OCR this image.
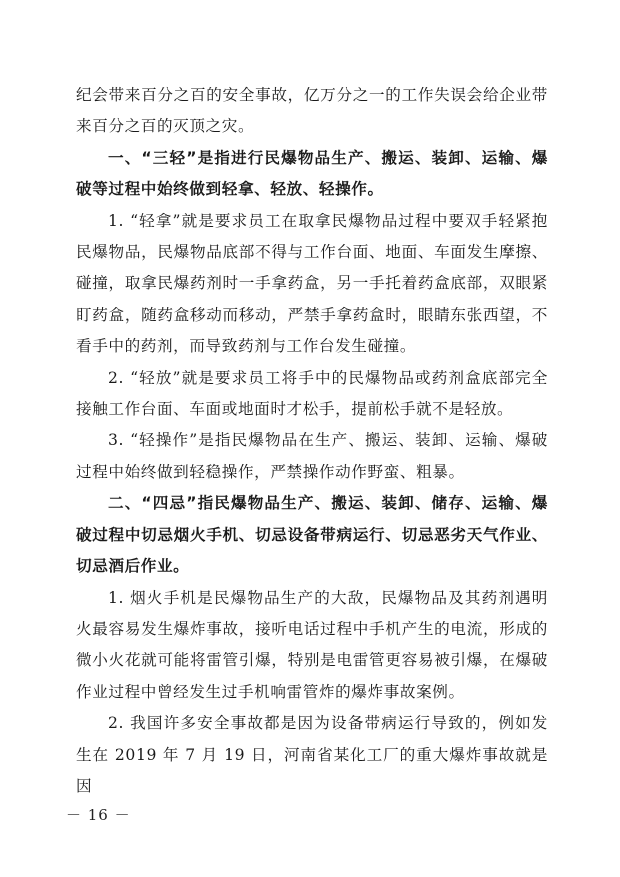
纪会带来百分之百的安全事故，亿万分之一的工作失误会给企业带来百分之百的灭顶之灾。

一、“三轻”是指进行民爆物品生产、搬运、装卸、运输、爆破等过程中始终做到轻拿、轻放、轻操作。

1. “轻拿”就是要求员工在取拿民爆物品过程中要双手轻紧抱民爆物品，民爆物品底部不得与工作台面、地面、车面发生摩擦、碰撞，取拿民爆药剂时一手拿药盒，另一手托着药盒底部，双眼紧盯药盒，随药盒移动而移动，严禁手拿药盒时，眼睛东张西望，不看手中的药剂，而导致药剂与工作台发生碰撞。

2. “轻放”就是要求员工将手中的民爆物品或药剂盒底部完全接触工作台面、车面或地面时才松手，提前松手就不是轻放。

3. “轻操作”是指民爆物品在生产、搬运、装卸、运输、爆破过程中始终做到轻稳操作，严禁操作动作野蛮、粗暴。

二、“四忌”指民爆物品生产、搬运、装卸、储存、运输、爆破过程中切忌烟火手机、切忌设备带病运行、切忌恶劣天气作业、切忌酒后作业。

1. 烟火手机是民爆物品生产的大敌，民爆物品及其药剂遇明火最容易发生爆炸事故，接听电话过程中手机产生的电流，形成的微小火花就可能将雷管引爆，特别是电雷管更容易被引爆，在爆破作业过程中曾经发生过手机响雷管炸的爆炸事故案例。

2. 我国许多安全事故都是因为设备带病运行导致的，例如发生在 2019 年 7 月 19 日，河南省某化工厂的重大爆炸事故就是因

－ 16 －
